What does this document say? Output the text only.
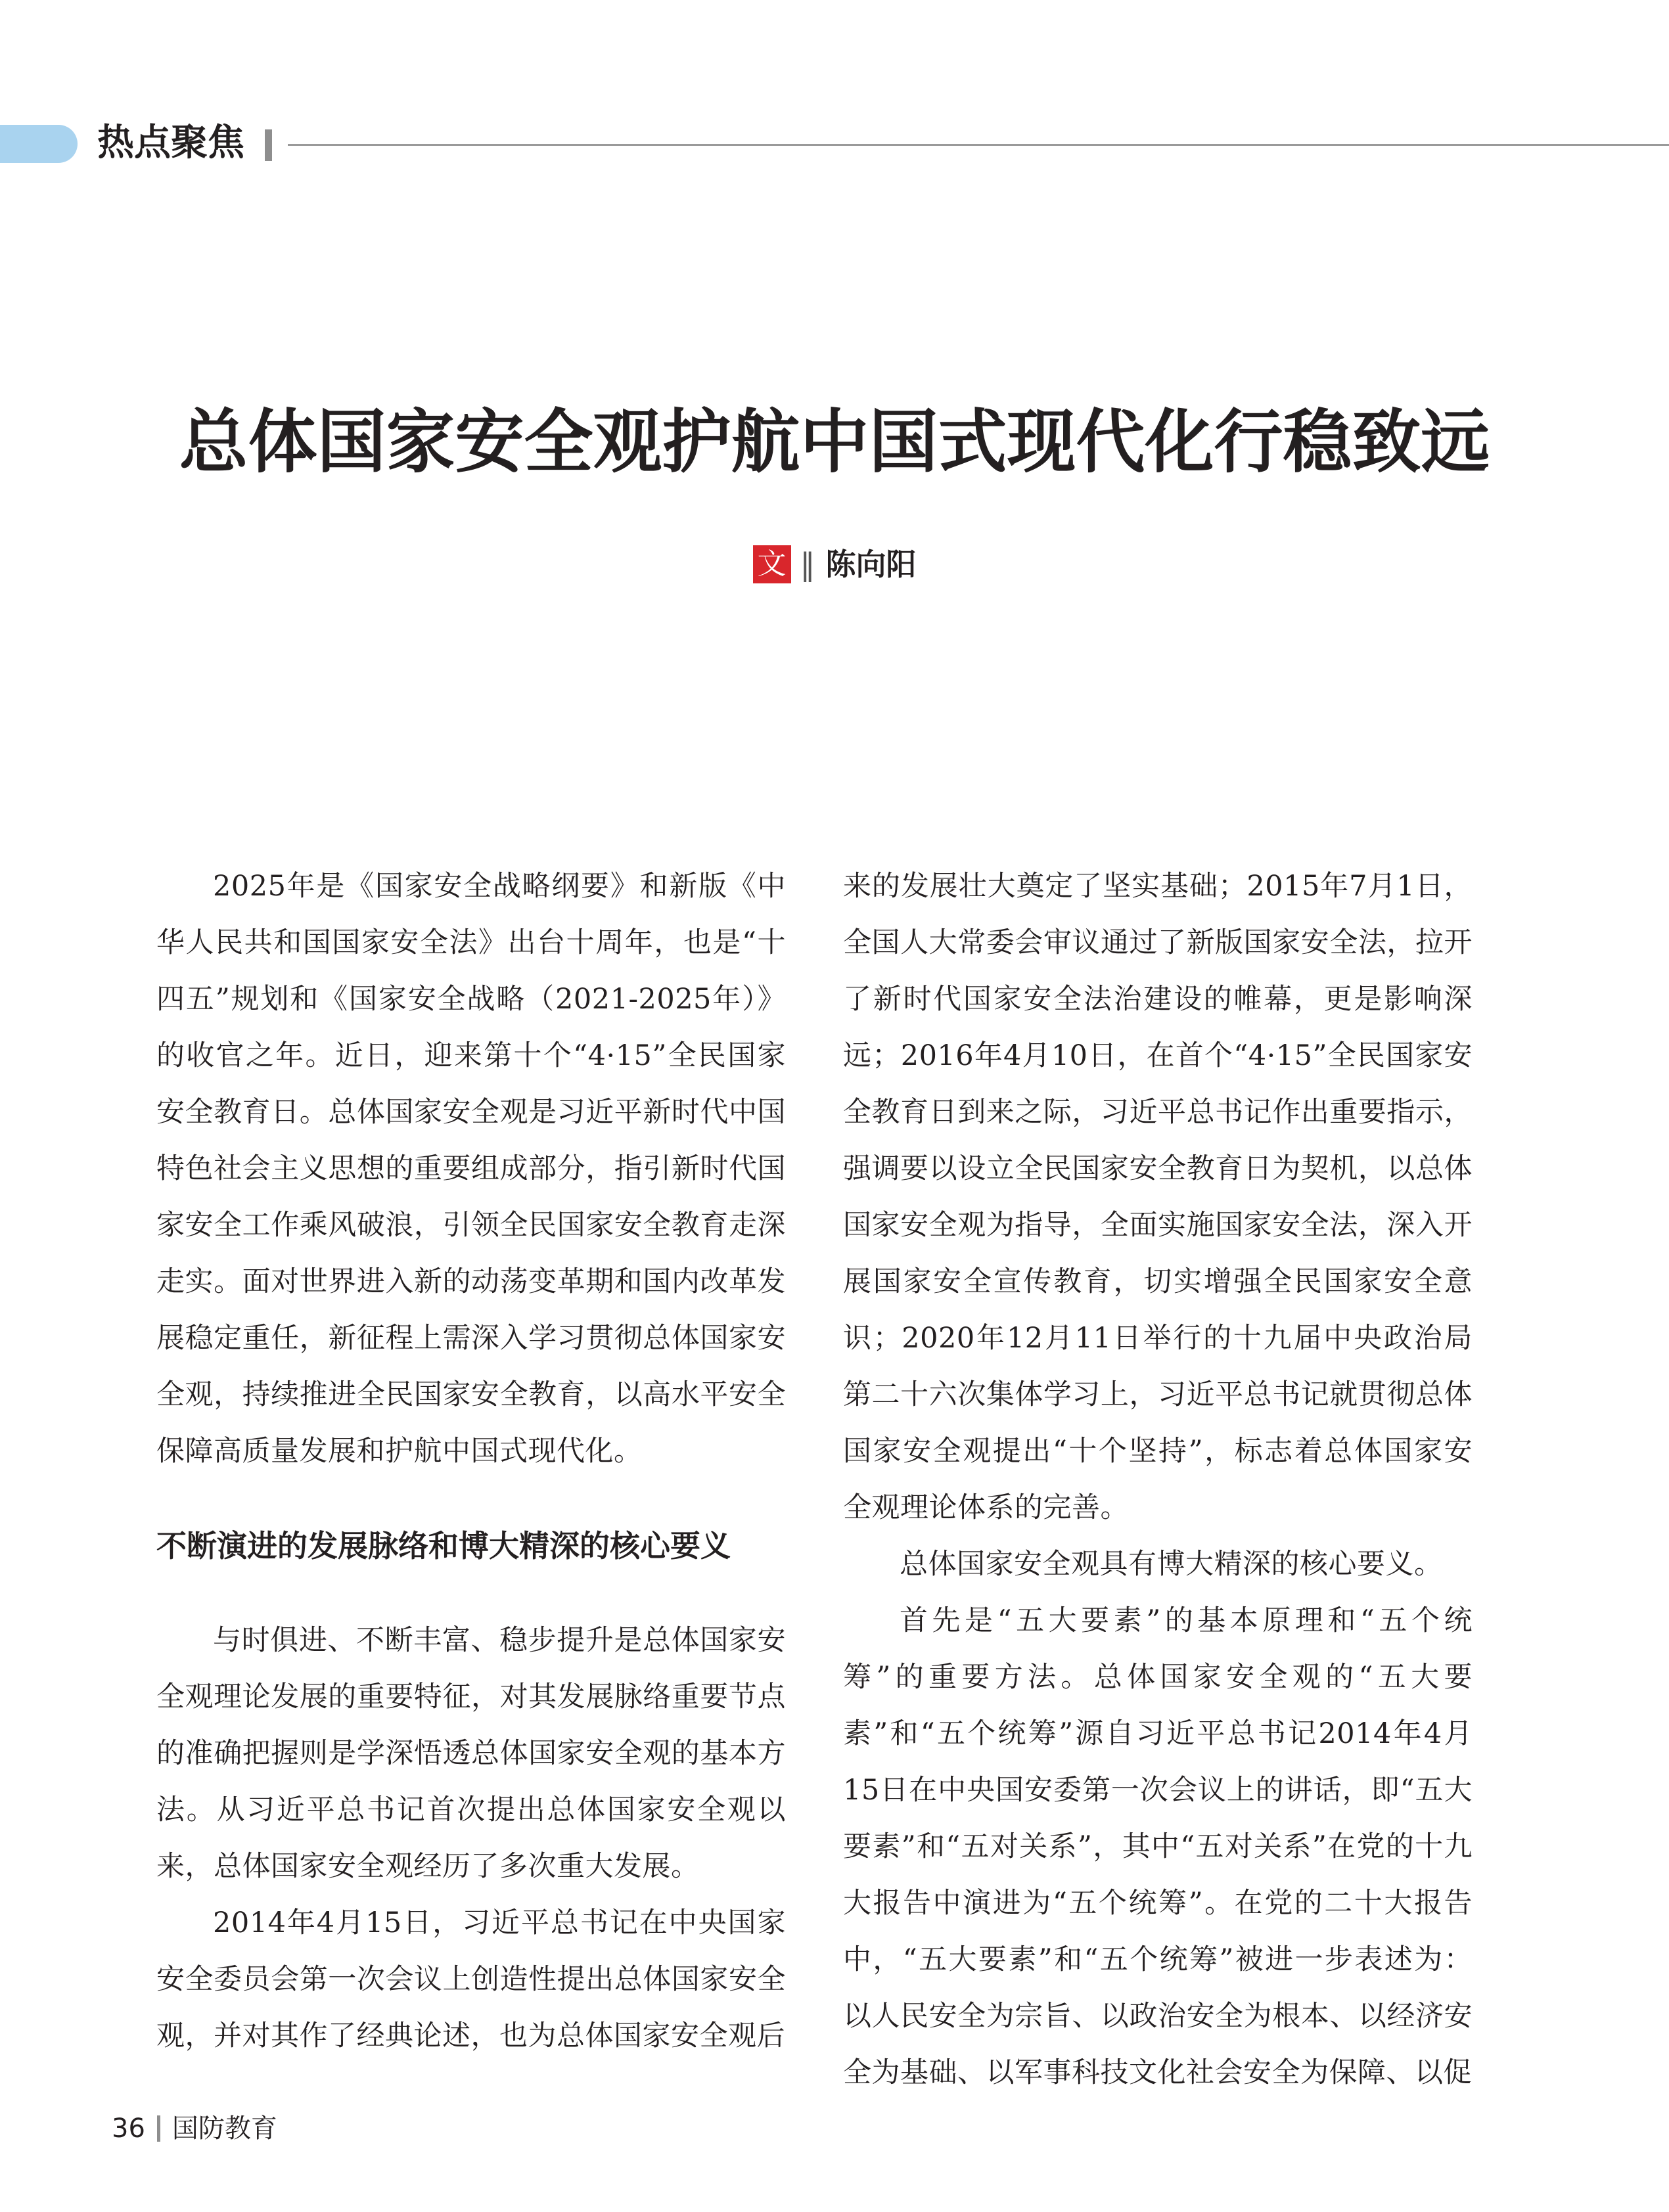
热点聚焦
总体国家安全观护航中国式现代化行稳致远
文 ‖ 陈向阳

2025年是《国家安全战略纲要》和新版《中华人民共和国国家安全法》出台十周年，也是“十四五”规划和《国家安全战略（2021-2025年）》的收官之年。近日，迎来第十个“4·15”全民国家安全教育日。总体国家安全观是习近平新时代中国特色社会主义思想的重要组成部分，指引新时代国家安全工作乘风破浪，引领全民国家安全教育走深走实。面对世界进入新的动荡变革期和国内改革发展稳定重任，新征程上需深入学习贯彻总体国家安全观，持续推进全民国家安全教育，以高水平安全保障高质量发展和护航中国式现代化。

不断演进的发展脉络和博大精深的核心要义

与时俱进、不断丰富、稳步提升是总体国家安全观理论发展的重要特征，对其发展脉络重要节点的准确把握则是学深悟透总体国家安全观的基本方法。从习近平总书记首次提出总体国家安全观以来，总体国家安全观经历了多次重大发展。

2014年4月15日，习近平总书记在中央国家安全委员会第一次会议上创造性提出总体国家安全观，并对其作了经典论述，也为总体国家安全观后

来的发展壮大奠定了坚实基础；2015年7月1日，全国人大常委会审议通过了新版国家安全法，拉开了新时代国家安全法治建设的帷幕，更是影响深远；2016年4月10日，在首个“4·15”全民国家安全教育日到来之际，习近平总书记作出重要指示，强调要以设立全民国家安全教育日为契机，以总体国家安全观为指导，全面实施国家安全法，深入开展国家安全宣传教育，切实增强全民国家安全意识；2020年12月11日举行的十九届中央政治局第二十六次集体学习上，习近平总书记就贯彻总体国家安全观提出“十个坚持”，标志着总体国家安全观理论体系的完善。

总体国家安全观具有博大精深的核心要义。

首先是“五大要素”的基本原理和“五个统筹”的重要方法。总体国家安全观的“五大要素”和“五个统筹”源自习近平总书记2014年4月15日在中央国安委第一次会议上的讲话，即“五大要素”和“五对关系”，其中“五对关系”在党的十九大报告中演进为“五个统筹”。在党的二十大报告中，“五大要素”和“五个统筹”被进一步表述为：以人民安全为宗旨、以政治安全为根本、以经济安全为基础、以军事科技文化社会安全为保障、以促

36 国防教育
